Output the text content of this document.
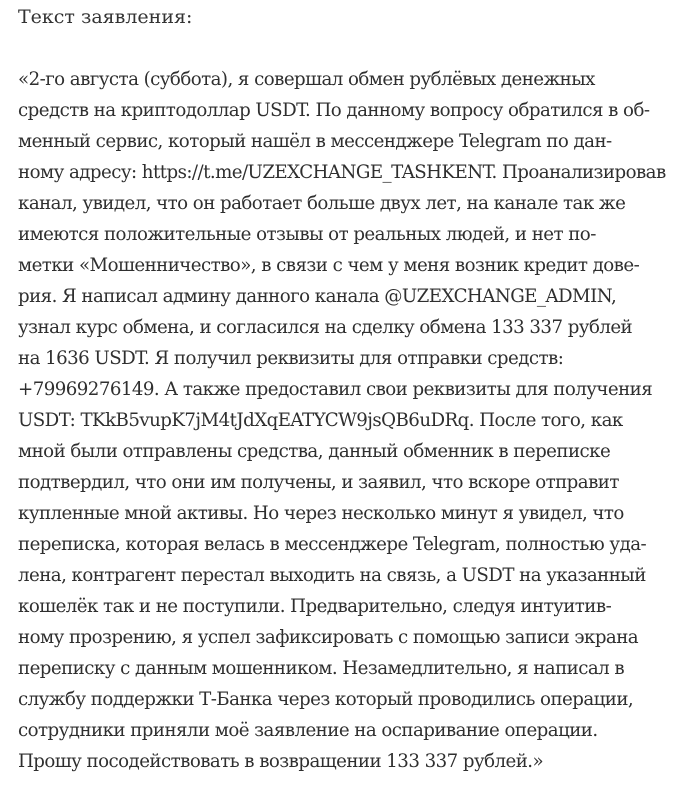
Текст заявления:
«2-го августа (суббота), я совершал обмен рублёвых денежных
средств на криптодоллар USDT. По данному вопросу обратился в об-
менный сервис, который нашёл в мессенджере Telegram по дан-
ному адресу: https://t.me/UZEXCHANGE_TASHKENT. Проанализировав
канал, увидел, что он работает больше двух лет, на канале так же
имеются положительные отзывы от реальных людей, и нет по-
метки «Мошенничество», в связи с чем у меня возник кредит дове-
рия. Я написал админу данного канала @UZEXCHANGE_ADMIN,
узнал курс обмена, и согласился на сделку обмена 133 337 рублей
на 1636 USDT. Я получил реквизиты для отправки средств:
+79969276149. А также предоставил свои реквизиты для получения
USDT: TKkB5vupK7jM4tJdXqEATYCW9jsQB6uDRq. После того, как
мной были отправлены средства, данный обменник в переписке
подтвердил, что они им получены, и заявил, что вскоре отправит
купленные мной активы. Но через несколько минут я увидел, что
переписка, которая велась в мессенджере Telegram, полностью уда-
лена, контрагент перестал выходить на связь, а USDT на указанный
кошелёк так и не поступили. Предварительно, следуя интуитив-
ному прозрению, я успел зафиксировать с помощью записи экрана
переписку с данным мошенником. Незамедлительно, я написал в
службу поддержки Т-Банка через который проводились операции,
сотрудники приняли моё заявление на оспаривание операции.
Прошу посодействовать в возвращении 133 337 рублей.»
